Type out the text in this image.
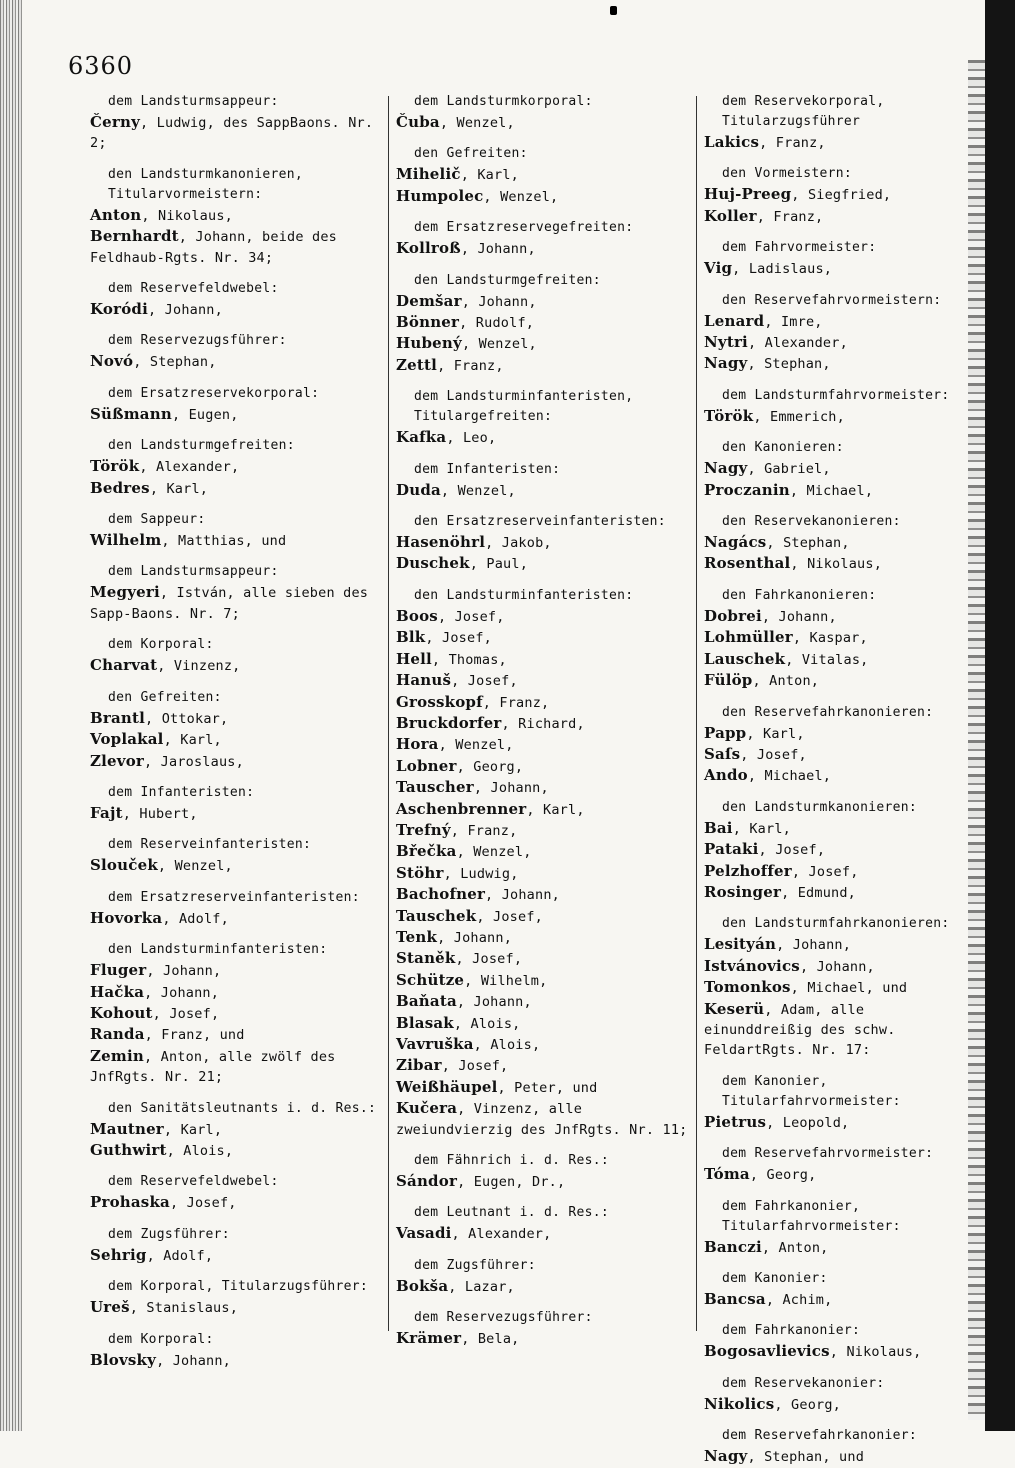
6360
dem Landsturmsappeur:
Černy, Ludwig, des SappBaons. Nr. 2;
den Landsturmkanonieren, Titularvormeistern:
Anton, Nikolaus,
Bernhardt, Johann, beide des Feldhaub-Rgts. Nr. 34;
dem Reservefeldwebel:
Koródi, Johann,
dem Reservezugsführer:
Novó, Stephan,
dem Ersatzreservekorporal:
Süßmann, Eugen,
den Landsturmgefreiten:
Török, Alexander,
Bedres, Karl,
dem Sappeur:
Wilhelm, Matthias, und
dem Landsturmsappeur:
Megyeri, István, alle sieben des Sapp-Baons. Nr. 7;
dem Korporal:
Charvat, Vinzenz,
den Gefreiten:
Brantl, Ottokar,
Voplakal, Karl,
Zlevor, Jaroslaus,
dem Infanteristen:
Fajt, Hubert,
dem Reserveinfanteristen:
Slouček, Wenzel,
dem Ersatzreserveinfanteristen:
Hovorka, Adolf,
den Landsturminfanteristen:
Fluger, Johann,
Hačka, Johann,
Kohout, Josef,
Randa, Franz, und
Zemin, Anton, alle zwölf des JnfRgts. Nr. 21;
den Sanitätsleutnants i. d. Res.:
Mautner, Karl,
Guthwirt, Alois,
dem Reservefeldwebel:
Prohaska, Josef,
dem Zugsführer:
Sehrig, Adolf,
dem Korporal, Titularzugsführer:
Ureš, Stanislaus,
dem Korporal:
Blovsky, Johann,
dem Landsturmkorporal:
Čuba, Wenzel,
den Gefreiten:
Mihelič, Karl,
Humpolec, Wenzel,
dem Ersatzreservegefreiten:
Kollroß, Johann,
den Landsturmgefreiten:
Demšar, Johann,
Bönner, Rudolf,
Hubený, Wenzel,
Zettl, Franz,
dem Landsturminfanteristen, Titulargefreiten:
Kafka, Leo,
dem Infanteristen:
Duda, Wenzel,
den Ersatzreserveinfanteristen:
Hasenöhrl, Jakob,
Duschek, Paul,
den Landsturminfanteristen:
Boos, Josef,
Blk, Josef,
Hell, Thomas,
Hanuš, Josef,
Grosskopf, Franz,
Bruckdorfer, Richard,
Hora, Wenzel,
Lobner, Georg,
Tauscher, Johann,
Aschenbrenner, Karl,
Trefný, Franz,
Břečka, Wenzel,
Stöhr, Ludwig,
Bachofner, Johann,
Tauschek, Josef,
Tenk, Johann,
Staněk, Josef,
Schütze, Wilhelm,
Baňata, Johann,
Blasak, Alois,
Vavruška, Alois,
Zibar, Josef,
Weißhäupel, Peter, und
Kučera, Vinzenz, alle zweiundvierzig des JnfRgts. Nr. 11;
dem Fähnrich i. d. Res.:
Sándor, Eugen, Dr.,
dem Leutnant i. d. Res.:
Vasadi, Alexander,
dem Zugsführer:
Bokša, Lazar,
dem Reservezugsführer:
Krämer, Bela,
dem Reservekorporal, Titularzugsführer
Lakics, Franz,
den Vormeistern:
Huj-Preeg, Siegfried,
Koller, Franz,
dem Fahrvormeister:
Vig, Ladislaus,
den Reservefahrvormeistern:
Lenard, Imre,
Nytri, Alexander,
Nagy, Stephan,
dem Landsturmfahrvormeister:
Török, Emmerich,
den Kanonieren:
Nagy, Gabriel,
Proczanin, Michael,
den Reservekanonieren:
Nagács, Stephan,
Rosenthal, Nikolaus,
den Fahrkanonieren:
Dobrei, Johann,
Lohmüller, Kaspar,
Lauschek, Vitalas,
Fülöp, Anton,
den Reservefahrkanonieren:
Papp, Karl,
Saſs, Josef,
Ando, Michael,
den Landsturmkanonieren:
Bai, Karl,
Pataki, Josef,
Pelzhoffer, Josef,
Rosinger, Edmund,
den Landsturmfahrkanonieren:
Lesityán, Johann,
Istvánovics, Johann,
Tomonkos, Michael, und
Keserü, Adam, alle einunddreißig des schw. FeldartRgts. Nr. 17:
dem Kanonier, Titularfahrvormeister:
Pietrus, Leopold,
dem Reservefahrvormeister:
Tóma, Georg,
dem Fahrkanonier, Titularfahrvormeister:
Banczi, Anton,
dem Kanonier:
Bancsa, Achim,
dem Fahrkanonier:
Bogosavlievics, Nikolaus,
dem Reservekanonier:
Nikolics, Georg,
dem Reservefahrkanonier:
Nagy, Stephan, und
